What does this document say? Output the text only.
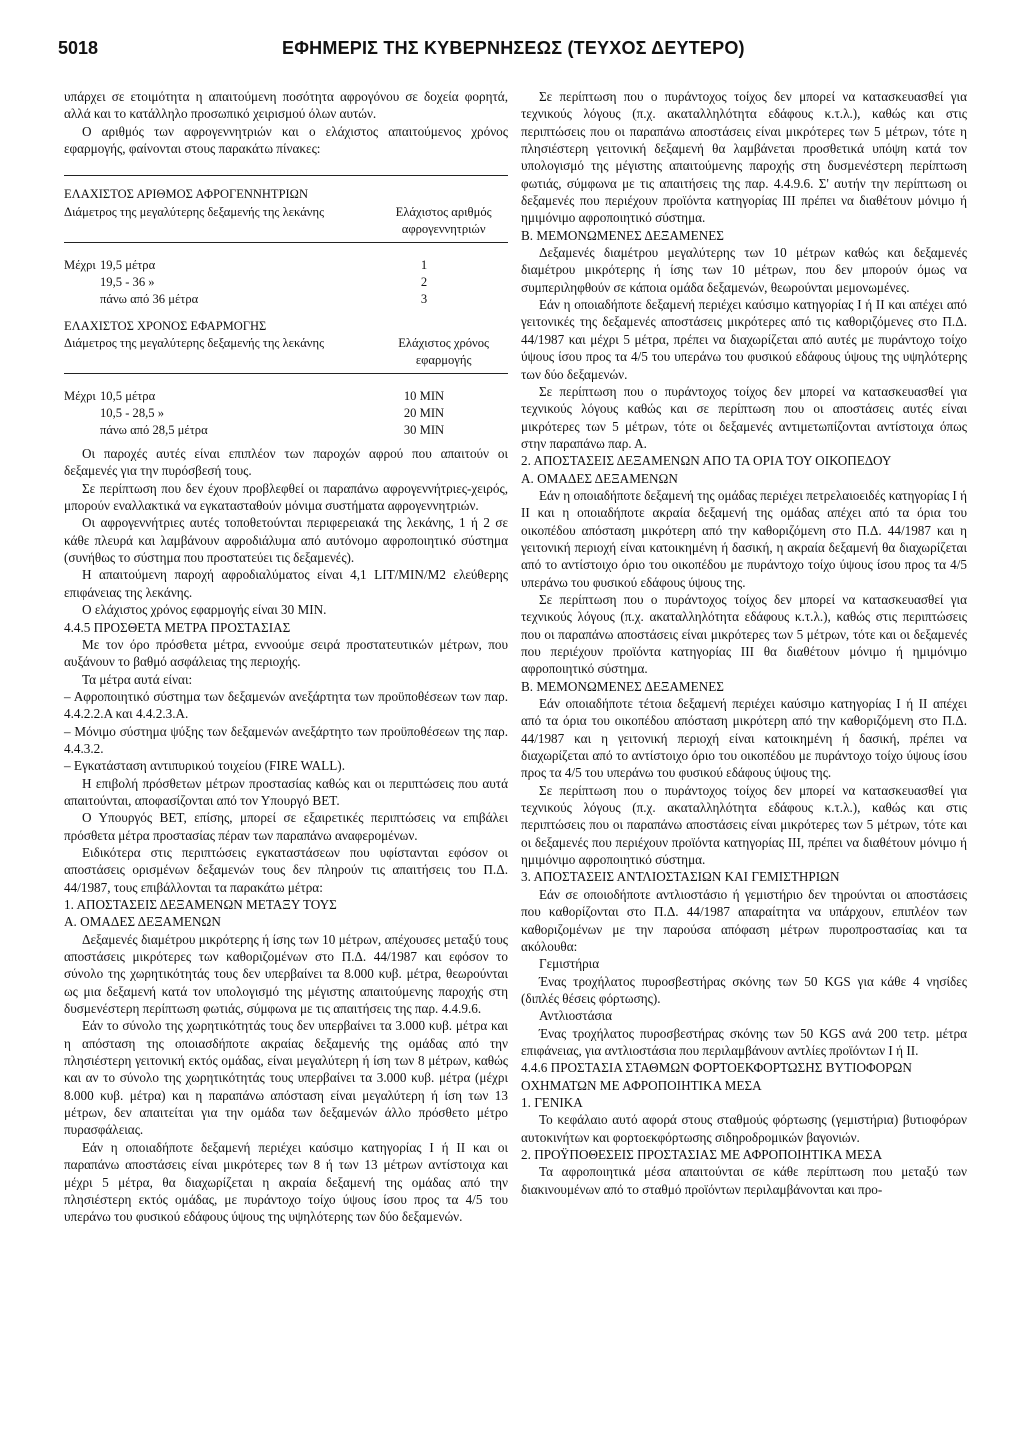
5018	ΕΦΗΜΕΡΙΣ ΤΗΣ ΚΥΒΕΡΝΗΣΕΩΣ (ΤΕΥΧΟΣ ΔΕΥΤΕΡΟ)

υπάρχει σε ετοιμότητα η απαιτούμενη ποσότητα αφρογόνου σε δοχεία φορητά, αλλά και το κατάλληλο προσωπικό χειρισμού όλων αυτών.

Ο αριθμός των αφρογεννητριών και ο ελάχιστος απαιτούμενος χρόνος εφαρμογής, φαίνονται στους παρακάτω πίνακες:

ΕΛΑΧΙΣΤΟΣ ΑΡΙΘΜΟΣ ΑΦΡΟΓΕΝΝΗΤΡΙΩΝ
Διάμετρος της μεγαλύτερης δεξαμενής της λεκάνης	Ελάχιστος αριθμός αφρογεννητριών
Μέχρι	19,5 μέτρα	1
	19,5 - 36 »	2
	πάνω από 36 μέτρα	3
ΕΛΑΧΙΣΤΟΣ ΧΡΟΝΟΣ ΕΦΑΡΜΟΓΗΣ
Διάμετρος της μεγαλύτερης δεξαμενής της λεκάνης	Ελάχιστος χρόνος εφαρμογής
Μέχρι	10,5 μέτρα	10 MIN
	10,5 - 28,5 »	20 MIN
	πάνω από 28,5 μέτρα	30 MIN

Οι παροχές αυτές είναι επιπλέον των παροχών αφρού που απαιτούν οι δεξαμενές για την πυρόσβεσή τους.

Σε περίπτωση που δεν έχουν προβλεφθεί οι παραπάνω αφρογεννήτριες-χειρός, μπορούν εναλλακτικά να εγκατασταθούν μόνιμα συστήματα αφρογεννητριών.

Οι αφρογεννήτριες αυτές τοποθετούνται περιφερειακά της λεκάνης, 1 ή 2 σε κάθε πλευρά και λαμβάνουν αφροδιάλυμα από αυτόνομο αφροποιητικό σύστημα (συνήθως το σύστημα που προστατεύει τις δεξαμενές).

Η απαιτούμενη παροχή αφροδιαλύματος είναι 4,1 LIT/MIN/M2 ελεύθερης επιφάνειας της λεκάνης.

Ο ελάχιστος χρόνος εφαρμογής είναι 30 MIN.

4.4.5 ΠΡΟΣΘΕΤΑ ΜΕΤΡΑ ΠΡΟΣΤΑΣΙΑΣ

Με τον όρο πρόσθετα μέτρα, εννοούμε σειρά προστατευτικών μέτρων, που αυξάνουν το βαθμό ασφάλειας της περιοχής.

Τα μέτρα αυτά είναι:

– Αφροποιητικό σύστημα των δεξαμενών ανεξάρτητα των προϋποθέσεων των παρ. 4.4.2.2.Α και 4.4.2.3.Α.

– Μόνιμο σύστημα ψύξης των δεξαμενών ανεξάρτητο των προϋποθέσεων της παρ. 4.4.3.2.

– Εγκατάσταση αντιπυρικού τοιχείου (FIRE WALL).

Η επιβολή πρόσθετων μέτρων προστασίας καθώς και οι περιπτώσεις που αυτά απαιτούνται, αποφασίζονται από τον Υπουργό ΒΕΤ.

Ο Υπουργός ΒΕΤ, επίσης, μπορεί σε εξαιρετικές περιπτώσεις να επιβάλει πρόσθετα μέτρα προστασίας πέραν των παραπάνω αναφερομένων.

Ειδικότερα στις περιπτώσεις εγκαταστάσεων που υφίστανται εφόσον οι αποστάσεις ορισμένων δεξαμενών τους δεν πληρούν τις απαιτήσεις του Π.Δ. 44/1987, τους επιβάλλονται τα παρακάτω μέτρα:

1. ΑΠΟΣΤΑΣΕΙΣ ΔΕΞΑΜΕΝΩΝ ΜΕΤΑΞΥ ΤΟΥΣ

Α. ΟΜΑΔΕΣ ΔΕΞΑΜΕΝΩΝ

Δεξαμενές διαμέτρου μικρότερης ή ίσης των 10 μέτρων, απέχουσες μεταξύ τους αποστάσεις μικρότερες των καθοριζομένων στο Π.Δ. 44/1987 και εφόσον το σύνολο της χωρητικότητάς τους δεν υπερβαίνει τα 8.000 κυβ. μέτρα, θεωρούνται ως μια δεξαμενή κατά τον υπολογισμό της μέγιστης απαιτούμενης παροχής στη δυσμενέστερη περίπτωση φωτιάς, σύμφωνα με τις απαιτήσεις της παρ. 4.4.9.6.

Εάν το σύνολο της χωρητικότητάς τους δεν υπερβαίνει τα 3.000 κυβ. μέτρα και η απόσταση της οποιασδήποτε ακραίας δεξαμενής της ομάδας από την πλησιέστερη γειτονική εκτός ομάδας, είναι μεγαλύτερη ή ίση των 8 μέτρων, καθώς και αν το σύνολο της χωρητικότητάς τους υπερβαίνει τα 3.000 κυβ. μέτρα (μέχρι 8.000 κυβ. μέτρα) και η παραπάνω απόσταση είναι μεγαλύτερη ή ίση των 13 μέτρων, δεν απαιτείται για την ομάδα των δεξαμενών άλλο πρόσθετο μέτρο πυρασφάλειας.

Εάν η οποιαδήποτε δεξαμενή περιέχει καύσιμο κατηγορίας Ι ή ΙΙ και οι παραπάνω αποστάσεις είναι μικρότερες των 8 ή των 13 μέτρων αντίστοιχα και μέχρι 5 μέτρα, θα διαχωρίζεται η ακραία δεξαμενή της ομάδας από την πλησιέστερη εκτός ομάδας, με πυράντοχο τοίχο ύψους ίσου προς τα 4/5 του υπεράνω του φυσικού εδάφους ύψους της υψηλότερης των δύο δεξαμενών.

Σε περίπτωση που ο πυράντοχος τοίχος δεν μπορεί να κατασκευασθεί για τεχνικούς λόγους (π.χ. ακαταλληλότητα εδάφους κ.τ.λ.), καθώς και στις περιπτώσεις που οι παραπάνω αποστάσεις είναι μικρότερες των 5 μέτρων, τότε η πλησιέστερη γειτονική δεξαμενή θα λαμβάνεται προσθετικά υπόψη κατά τον υπολογισμό της μέγιστης απαιτούμενης παροχής στη δυσμενέστερη περίπτωση φωτιάς, σύμφωνα με τις απαιτήσεις της παρ. 4.4.9.6. Σ' αυτήν την περίπτωση οι δεξαμενές που περιέχουν προϊόντα κατηγορίας ΙΙΙ πρέπει να διαθέτουν μόνιμο ή ημιμόνιμο αφροποιητικό σύστημα.

Β. ΜΕΜΟΝΩΜΕΝΕΣ ΔΕΞΑΜΕΝΕΣ

Δεξαμενές διαμέτρου μεγαλύτερης των 10 μέτρων καθώς και δεξαμενές διαμέτρου μικρότερης ή ίσης των 10 μέτρων, που δεν μπορούν όμως να συμπεριληφθούν σε κάποια ομάδα δεξαμενών, θεωρούνται μεμονωμένες.

Εάν η οποιαδήποτε δεξαμενή περιέχει καύσιμο κατηγορίας Ι ή ΙΙ και απέχει από γειτονικές της δεξαμενές αποστάσεις μικρότερες από τις καθοριζόμενες στο Π.Δ. 44/1987 και μέχρι 5 μέτρα, πρέπει να διαχωρίζεται από αυτές με πυράντοχο τοίχο ύψους ίσου προς τα 4/5 του υπεράνω του φυσικού εδάφους ύψους της υψηλότερης των δύο δεξαμενών.

Σε περίπτωση που ο πυράντοχος τοίχος δεν μπορεί να κατασκευασθεί για τεχνικούς λόγους καθώς και σε περίπτωση που οι αποστάσεις αυτές είναι μικρότερες των 5 μέτρων, τότε οι δεξαμενές αντιμετωπίζονται αντίστοιχα όπως στην παραπάνω παρ. Α.

2. ΑΠΟΣΤΑΣΕΙΣ ΔΕΞΑΜΕΝΩΝ ΑΠΟ ΤΑ ΟΡΙΑ ΤΟΥ ΟΙΚΟΠΕΔΟΥ

Α. ΟΜΑΔΕΣ ΔΕΞΑΜΕΝΩΝ

Εάν η οποιαδήποτε δεξαμενή της ομάδας περιέχει πετρελαιοειδές κατηγορίας Ι ή ΙΙ και η οποιαδήποτε ακραία δεξαμενή της ομάδας απέχει από τα όρια του οικοπέδου απόσταση μικρότερη από την καθοριζόμενη στο Π.Δ. 44/1987 και η γειτονική περιοχή είναι κατοικημένη ή δασική, η ακραία δεξαμενή θα διαχωρίζεται από το αντίστοιχο όριο του οικοπέδου με πυράντοχο τοίχο ύψους ίσου προς τα 4/5 υπεράνω του φυσικού εδάφους ύψους της.

Σε περίπτωση που ο πυράντοχος τοίχος δεν μπορεί να κατασκευασθεί για τεχνικούς λόγους (π.χ. ακαταλληλότητα εδάφους κ.τ.λ.), καθώς στις περιπτώσεις που οι παραπάνω αποστάσεις είναι μικρότερες των 5 μέτρων, τότε και οι δεξαμενές που περιέχουν προϊόντα κατηγορίας ΙΙΙ θα διαθέτουν μόνιμο ή ημιμόνιμο αφροποιητικό σύστημα.

Β. ΜΕΜΟΝΩΜΕΝΕΣ ΔΕΞΑΜΕΝΕΣ

Εάν οποιαδήποτε τέτοια δεξαμενή περιέχει καύσιμο κατηγορίας Ι ή ΙΙ απέχει από τα όρια του οικοπέδου απόσταση μικρότερη από την καθοριζόμενη στο Π.Δ. 44/1987 και η γειτονική περιοχή είναι κατοικημένη ή δασική, πρέπει να διαχωρίζεται από το αντίστοιχο όριο του οικοπέδου με πυράντοχο τοίχο ύψους ίσου προς τα 4/5 του υπεράνω του φυσικού εδάφους ύψους της.

Σε περίπτωση που ο πυράντοχος τοίχος δεν μπορεί να κατασκευασθεί για τεχνικούς λόγους (π.χ. ακαταλληλότητα εδάφους κ.τ.λ.), καθώς και στις περιπτώσεις που οι παραπάνω αποστάσεις είναι μικρότερες των 5 μέτρων, τότε και οι δεξαμενές που περιέχουν προϊόντα κατηγορίας ΙΙΙ, πρέπει να διαθέτουν μόνιμο ή ημιμόνιμο αφροποιητικό σύστημα.

3. ΑΠΟΣΤΑΣΕΙΣ ΑΝΤΛΙΟΣΤΑΣΙΩΝ ΚΑΙ ΓΕΜΙΣΤΗΡΙΩΝ

Εάν σε οποιοδήποτε αντλιοστάσιο ή γεμιστήριο δεν τηρούνται οι αποστάσεις που καθορίζονται στο Π.Δ. 44/1987 απαραίτητα να υπάρχουν, επιπλέον των καθοριζομένων με την παρούσα απόφαση μέτρων πυροπροστασίας και τα ακόλουθα:

Γεμιστήρια

Ένας τροχήλατος πυροσβεστήρας σκόνης των 50 KGS για κάθε 4 νησίδες (διπλές θέσεις φόρτωσης).

Αντλιοστάσια

Ένας τροχήλατος πυροσβεστήρας σκόνης των 50 KGS ανά 200 τετρ. μέτρα επιφάνειας, για αντλιοστάσια που περιλαμβάνουν αντλίες προϊόντων Ι ή ΙΙ.

4.4.6 ΠΡΟΣΤΑΣΙΑ ΣΤΑΘΜΩΝ ΦΟΡΤΟΕΚΦΟΡΤΩΣΗΣ ΒΥΤΙΟΦΟΡΩΝ ΟΧΗΜΑΤΩΝ ΜΕ ΑΦΡΟΠΟΙΗΤΙΚΑ ΜΕΣΑ

1. ΓΕΝΙΚΑ

Το κεφάλαιο αυτό αφορά στους σταθμούς φόρτωσης (γεμιστήρια) βυτιοφόρων αυτοκινήτων και φορτοεκφόρτωσης σιδηροδρομικών βαγονιών.

2. ΠΡΟΫΠΟΘΕΣΕΙΣ ΠΡΟΣΤΑΣΙΑΣ ΜΕ ΑΦΡΟΠΟΙΗΤΙΚΑ ΜΕΣΑ

Τα αφροποιητικά μέσα απαιτούνται σε κάθε περίπτωση που μεταξύ των διακινουμένων από το σταθμό προϊόντων περιλαμβάνονται και προ-
